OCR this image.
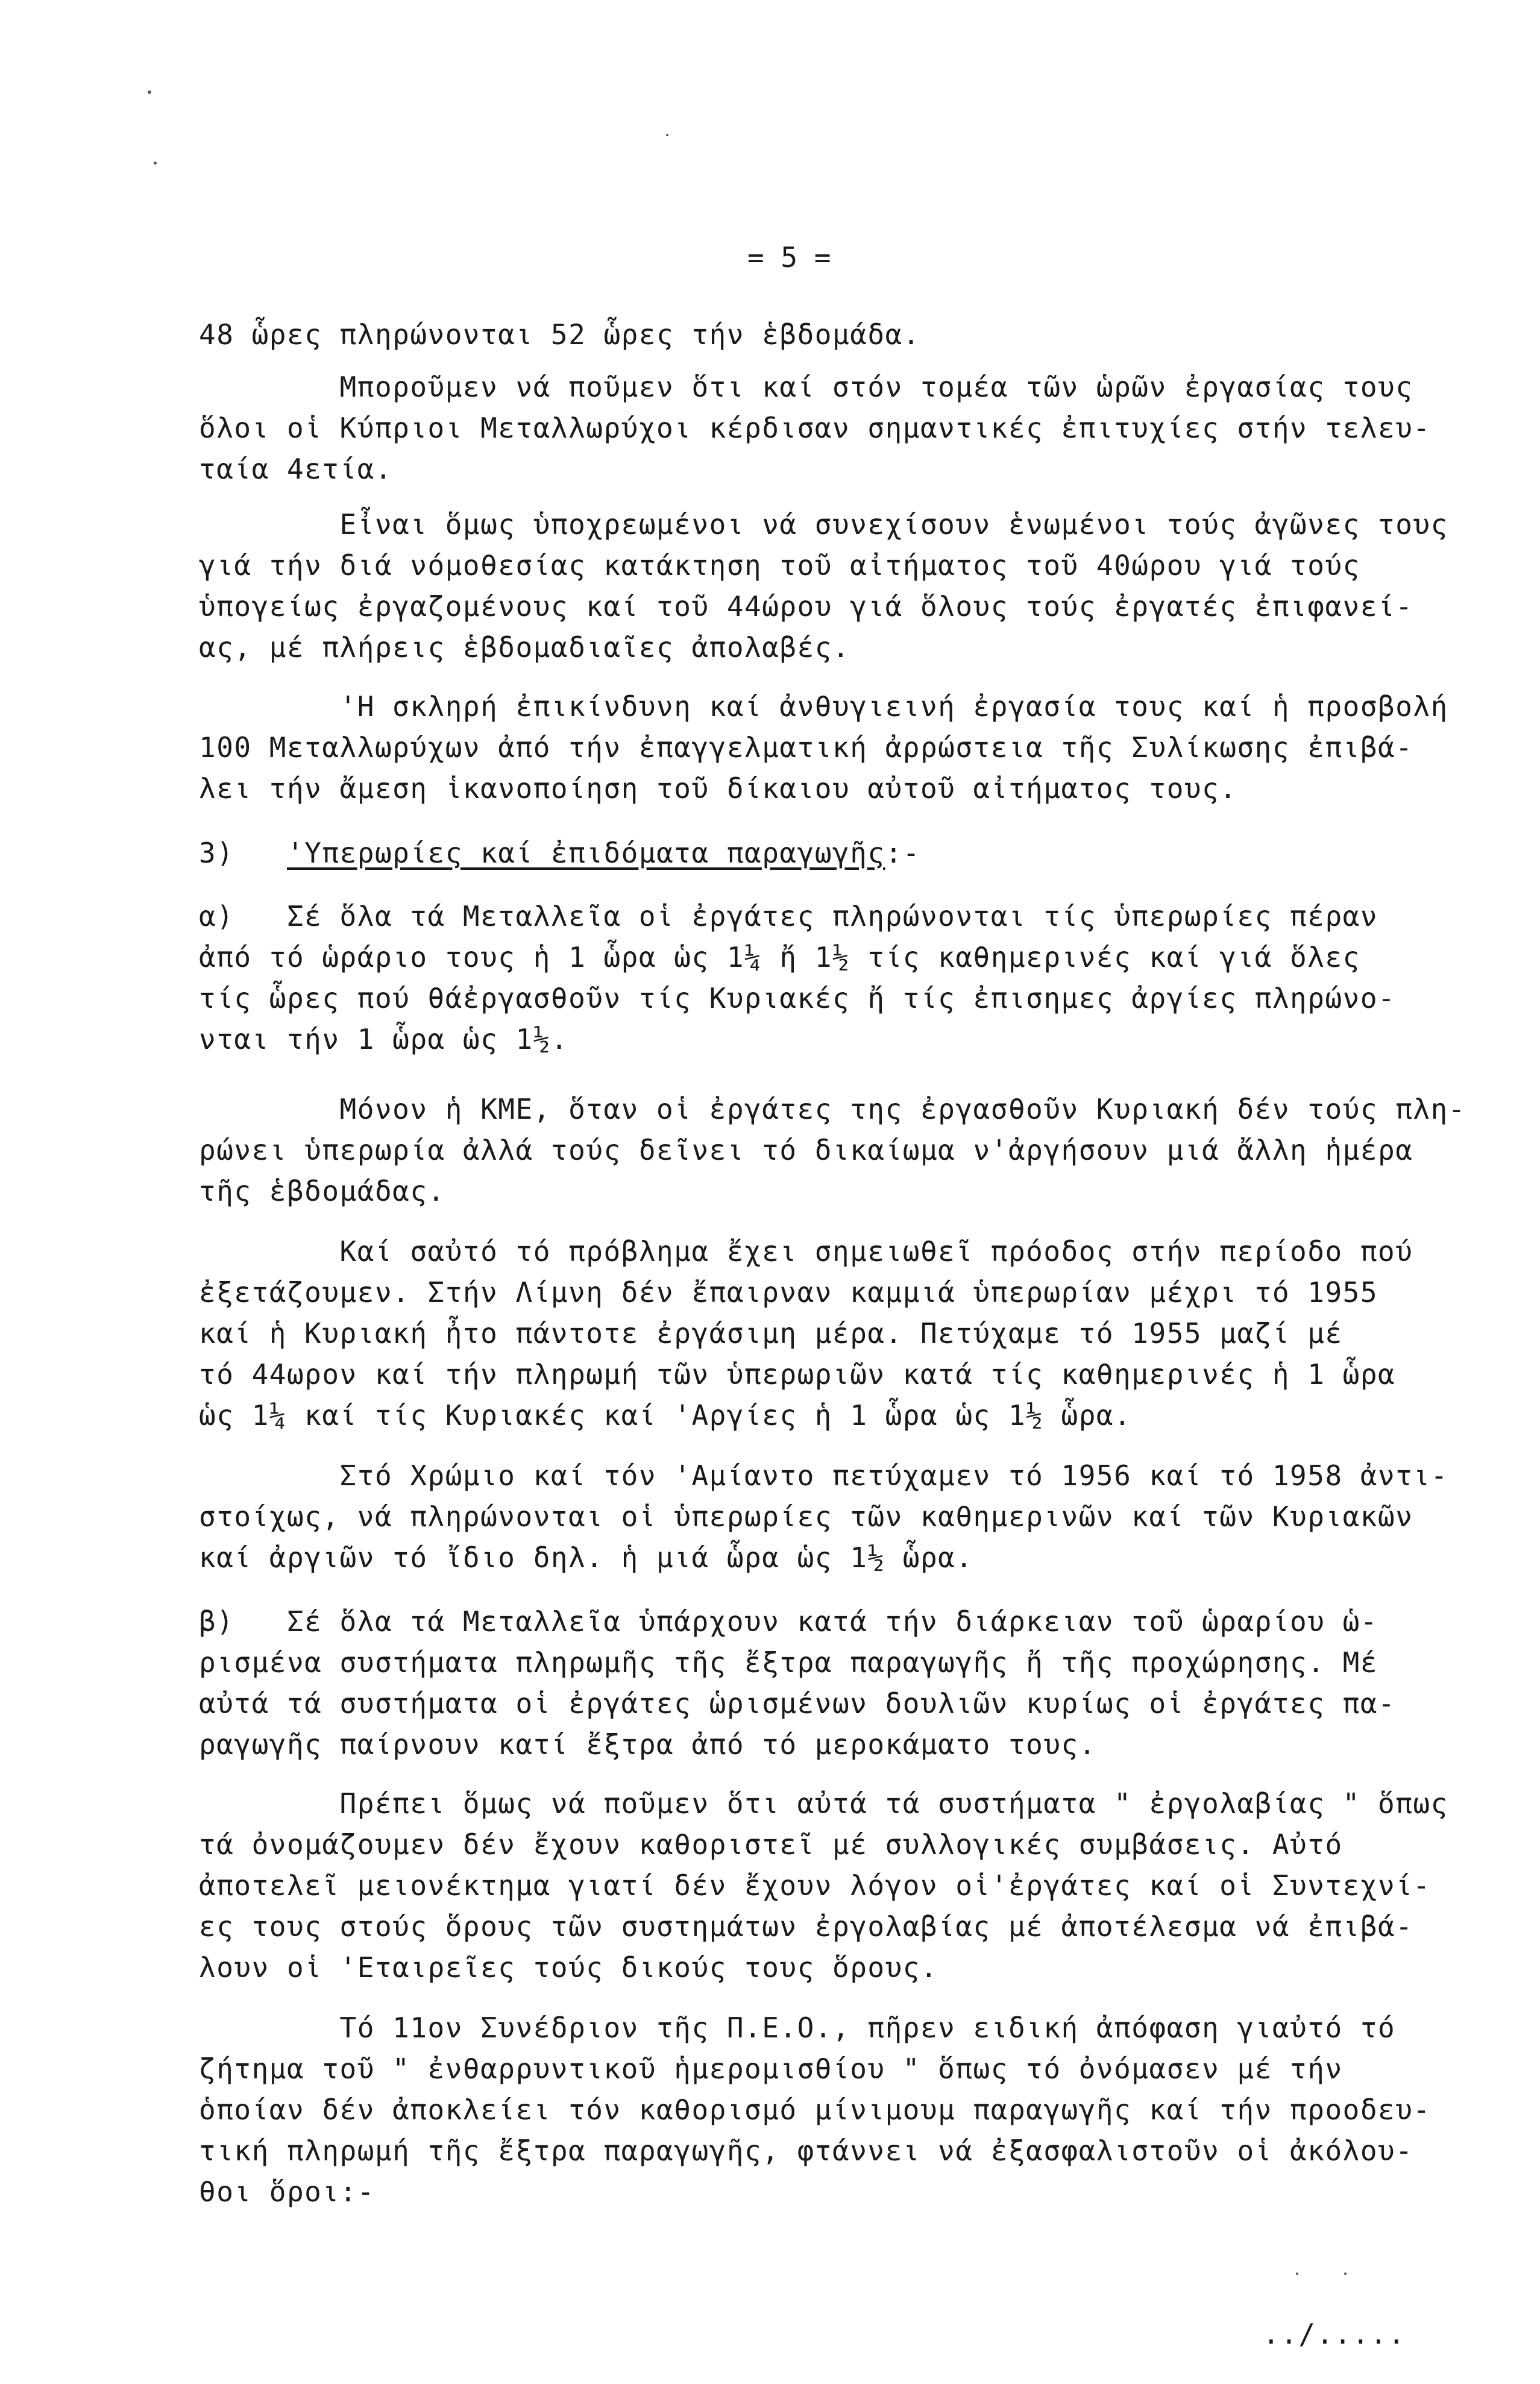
= 5 =
48 ὧρες πληρώνονται 52 ὧρες τήν ἑβδομάδα.
Μποροῦμεν νά ποῦμεν ὅτι καί στόν τομέα τῶν ὡρῶν ἐργασίας τους
ὅλοι οἱ Κύπριοι Μεταλλωρύχοι κέρδισαν σημαντικές ἐπιτυχίες στήν τελευ-
ταία 4ετία.
Εἶναι ὅμως ὑποχρεωμένοι νά συνεχίσουν ἑνωμένοι τούς ἀγῶνες τους
γιά τήν διά νόμοθεσίας κατάκτηση τοῦ αἰτήματος τοῦ 40ώρου γιά τούς
ὑπογείως ἐργαζομένους καί τοῦ 44ώρου γιά ὅλους τούς ἐργατές ἐπιφανεί-
ας, μέ πλήρεις ἑβδομαδιαῖες ἀπολαβές.
'Η σκληρή ἐπικίνδυνη καί ἀνθυγιεινή ἐργασία τους καί ἡ προσβολή
100 Μεταλλωρύχων ἀπό τήν ἐπαγγελματική ἀρρώστεια τῆς Συλίκωσης ἐπιβά-
λει τήν ἄμεση ἱκανοποίηση τοῦ δίκαιου αὐτοῦ αἰτήματος τους.
3) 'Υπερωρίες καί ἐπιδόματα παραγωγῆς:-
α)   Σέ ὅλα τά Μεταλλεῖα οἱ ἐργάτες πληρώνονται τίς ὑπερωρίες πέραν
ἀπό τό ὡράριο τους ἡ 1 ὧρα ὡς 1¼ ἤ 1½ τίς καθημερινές καί γιά ὅλες
τίς ὧρες πού θάἐργασθοῦν τίς Κυριακές ἤ τίς ἐπισημες ἀργίες πληρώνο-
νται τήν 1 ὧρα ὡς 1½.
Μόνον ἡ ΚΜΕ, ὅταν οἱ ἐργάτες της ἐργασθοῦν Κυριακή δέν τούς πλη-
ρώνει ὑπερωρία ἀλλά τούς δεῖνει τό δικαίωμα ν'ἀργήσουν μιά ἄλλη ἡμέρα
τῆς ἑβδομάδας.
Καί σαὐτό τό πρόβλημα ἔχει σημειωθεῖ πρόοδος στήν περίοδο πού
ἐξετάζουμεν. Στήν Λίμνη δέν ἔπαιρναν καμμιά ὑπερωρίαν μέχρι τό 1955
καί ἡ Κυριακή ἦτο πάντοτε ἐργάσιμη μέρα. Πετύχαμε τό 1955 μαζί μέ
τό 44ωρον καί τήν πληρωμή τῶν ὑπερωριῶν κατά τίς καθημερινές ἡ 1 ὧρα
ὡς 1¼ καί τίς Κυριακές καί 'Αργίες ἡ 1 ὧρα ὡς 1½ ὧρα.
Στό Χρώμιο καί τόν 'Αμίαντο πετύχαμεν τό 1956 καί τό 1958 ἀντι-
στοίχως, νά πληρώνονται οἱ ὑπερωρίες τῶν καθημερινῶν καί τῶν Κυριακῶν
καί ἀργιῶν τό ἴδιο δηλ. ἡ μιά ὧρα ὡς 1½ ὧρα.
β)   Σέ ὅλα τά Μεταλλεῖα ὑπάρχουν κατά τήν διάρκειαν τοῦ ὡραρίου ὡ-
ρισμένα συστήματα πληρωμῆς τῆς ἔξτρα παραγωγῆς ἤ τῆς προχώρησης. Μέ
αὐτά τά συστήματα οἱ ἐργάτες ὡρισμένων δουλιῶν κυρίως οἱ ἐργάτες πα-
ραγωγῆς παίρνουν κατί ἔξτρα ἀπό τό μεροκάματο τους.
Πρέπει ὅμως νά ποῦμεν ὅτι αὐτά τά συστήματα " ἐργολαβίας " ὅπως
τά ὀνομάζουμεν δέν ἔχουν καθοριστεῖ μέ συλλογικές συμβάσεις. Αὐτό
ἀποτελεῖ μειονέκτημα γιατί δέν ἔχουν λόγον οἱ'ἐργάτες καί οἱ Συντεχνί-
ες τους στούς ὅρους τῶν συστημάτων ἐργολαβίας μέ ἀποτέλεσμα νά ἐπιβά-
λουν οἱ 'Εταιρεῖες τούς δικούς τους ὅρους.
Τό 11ον Συνέδριον τῆς Π.Ε.Ο., πῆρεν ειδική ἀπόφαση γιαὐτό τό
ζήτημα τοῦ " ἐνθαρρυντικοῦ ἡμερομισθίου " ὅπως τό ὀνόμασεν μέ τήν
ὁποίαν δέν ἀποκλείει τόν καθορισμό μίνιμουμ παραγωγῆς καί τήν προοδευ-
τική πληρωμή τῆς ἔξτρα παραγωγῆς, φτάννει νά ἐξασφαλιστοῦν οἱ ἀκόλου-
θοι ὅροι:-
../.....
